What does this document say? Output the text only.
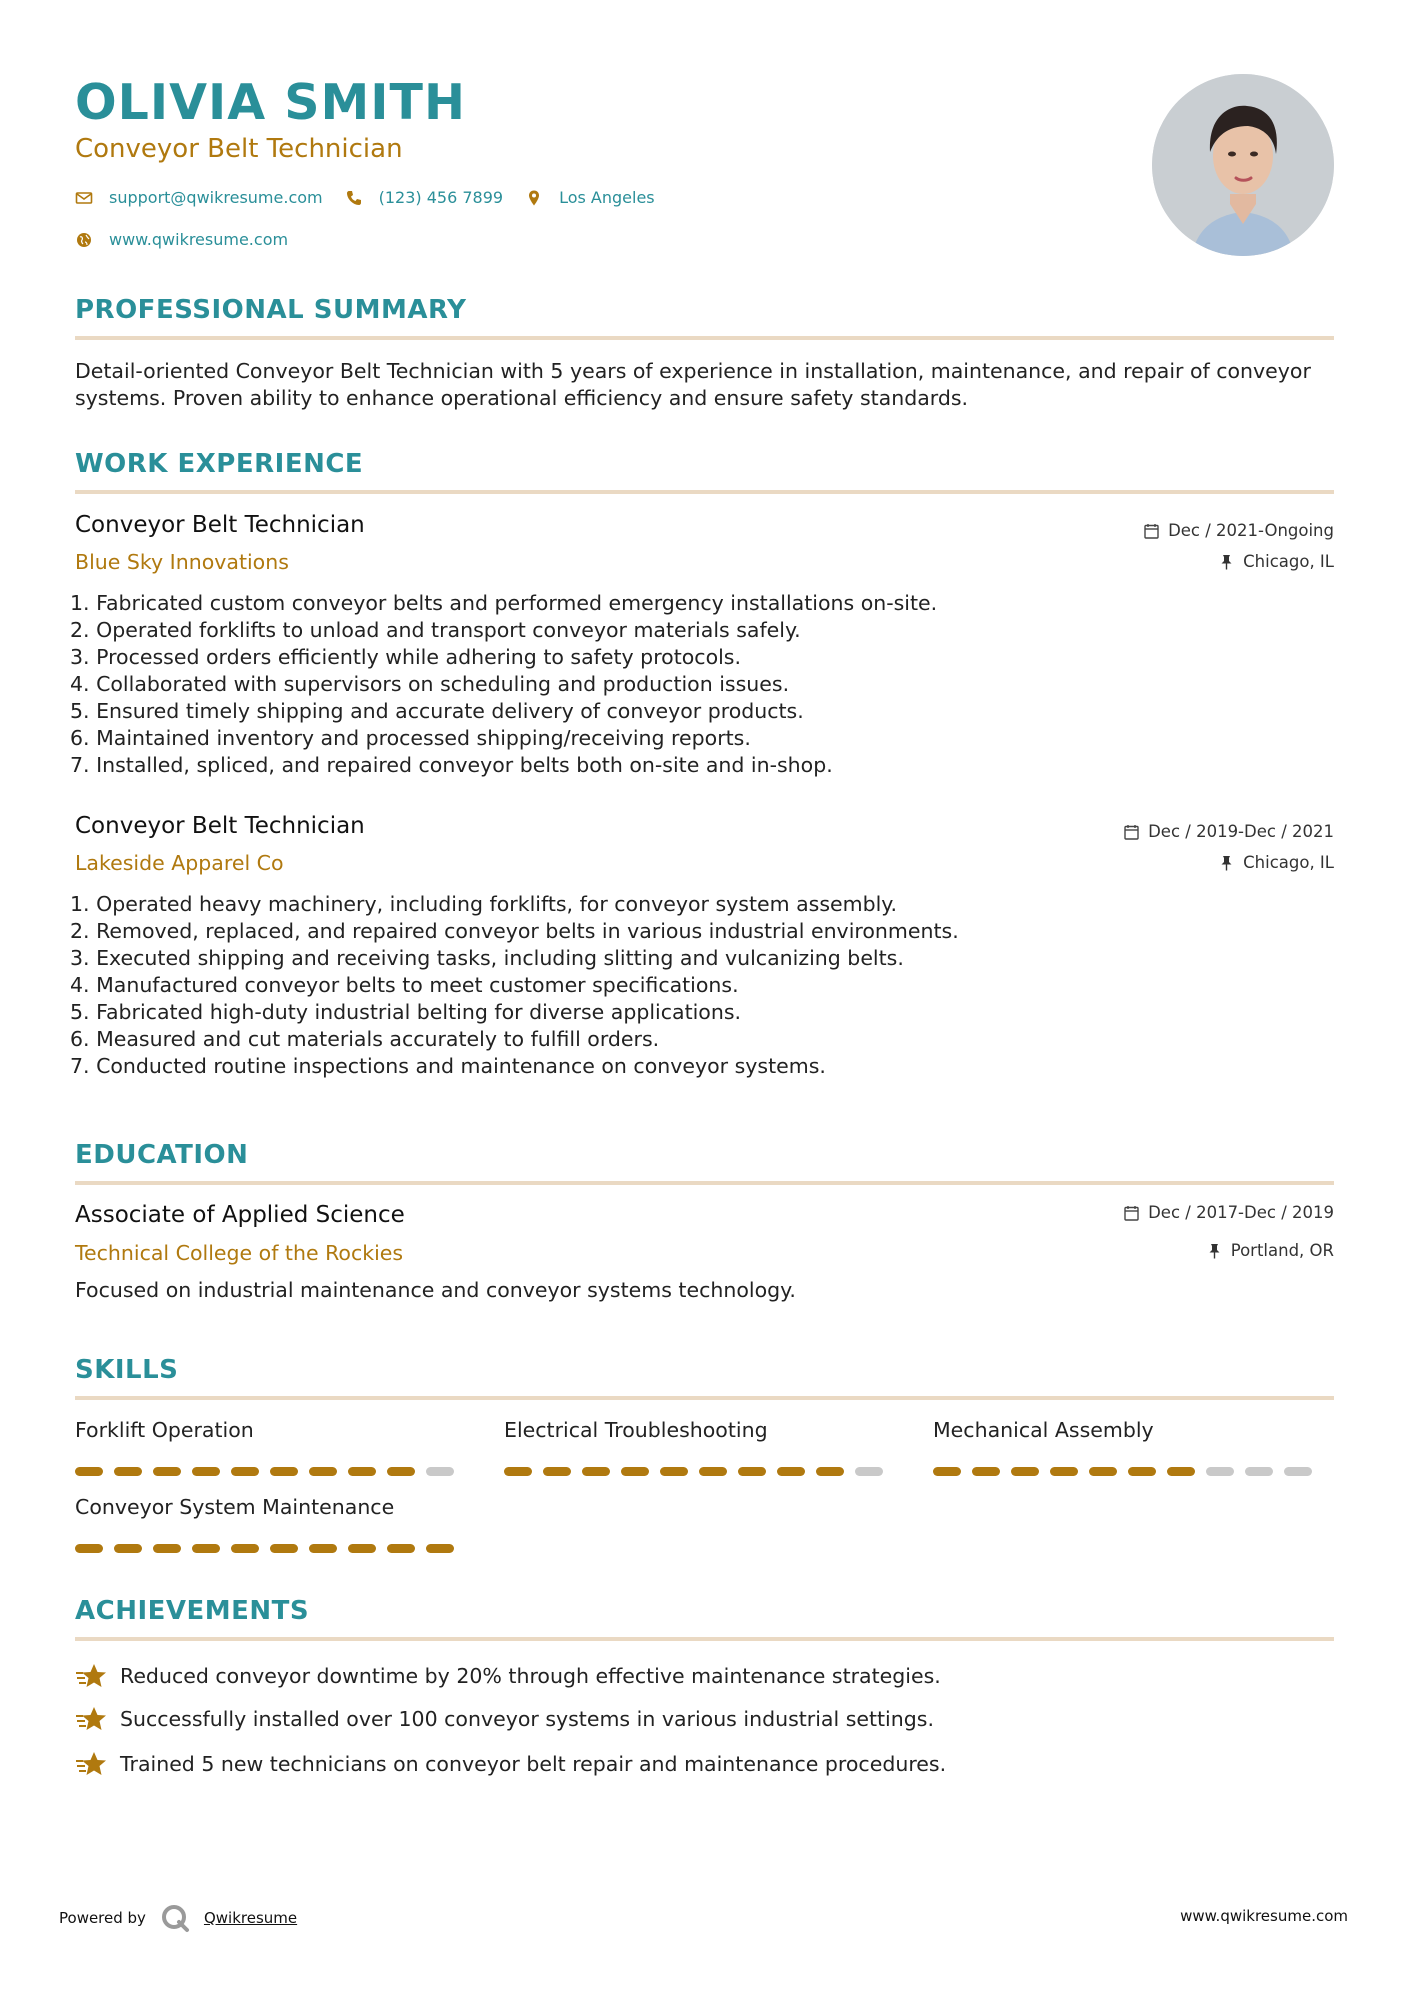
OLIVIA SMITH
Conveyor Belt Technician
support@qwikresume.com	(123) 456 7899	Los Angeles
www.qwikresume.com
PROFESSIONAL SUMMARY
Detail-oriented Conveyor Belt Technician with 5 years of experience in installation, maintenance, and repair of conveyor systems. Proven ability to enhance operational efficiency and ensure safety standards.
WORK EXPERIENCE
Conveyor Belt Technician
Blue Sky Innovations
Dec / 2021-Ongoing
Chicago, IL
1. Fabricated custom conveyor belts and performed emergency installations on-site.
2. Operated forklifts to unload and transport conveyor materials safely.
3. Processed orders efficiently while adhering to safety protocols.
4. Collaborated with supervisors on scheduling and production issues.
5. Ensured timely shipping and accurate delivery of conveyor products.
6. Maintained inventory and processed shipping/receiving reports.
7. Installed, spliced, and repaired conveyor belts both on-site and in-shop.
Conveyor Belt Technician
Lakeside Apparel Co
Dec / 2019-Dec / 2021
Chicago, IL
1. Operated heavy machinery, including forklifts, for conveyor system assembly.
2. Removed, replaced, and repaired conveyor belts in various industrial environments.
3. Executed shipping and receiving tasks, including slitting and vulcanizing belts.
4. Manufactured conveyor belts to meet customer specifications.
5. Fabricated high-duty industrial belting for diverse applications.
6. Measured and cut materials accurately to fulfill orders.
7. Conducted routine inspections and maintenance on conveyor systems.
EDUCATION
Associate of Applied Science
Technical College of the Rockies
Dec / 2017-Dec / 2019
Portland, OR
Focused on industrial maintenance and conveyor systems technology.
SKILLS
Forklift Operation	Electrical Troubleshooting	Mechanical Assembly
Conveyor System Maintenance
ACHIEVEMENTS
Reduced conveyor downtime by 20% through effective maintenance strategies.
Successfully installed over 100 conveyor systems in various industrial settings.
Trained 5 new technicians on conveyor belt repair and maintenance procedures.
Powered by	Qwikresume	www.qwikresume.com
